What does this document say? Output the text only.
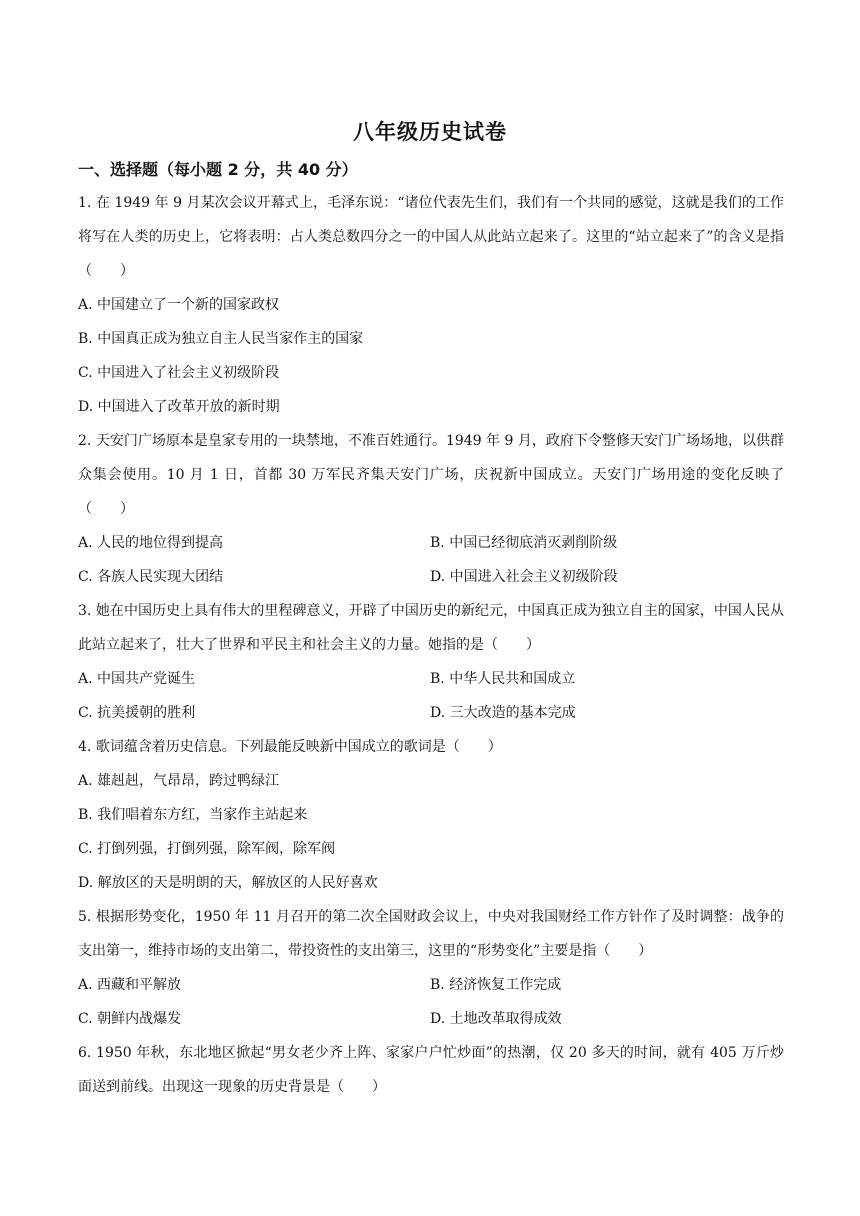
八年级历史试卷
一、选择题（每小题 2 分，共 40 分）
1. 在 1949 年 9 月某次会议开幕式上，毛泽东说：“诸位代表先生们，我们有一个共同的感觉，这就是我们的工作将写在人类的历史上，它将表明：占人类总数四分之一的中国人从此站立起来了。这里的“站立起来了”的含义是指（　　）
A. 中国建立了一个新的国家政权
B. 中国真正成为独立自主人民当家作主的国家
C. 中国进入了社会主义初级阶段
D. 中国进入了改革开放的新时期
2. 天安门广场原本是皇家专用的一块禁地，不准百姓通行。1949 年 9 月，政府下令整修天安门广场场地，以供群众集会使用。10 月 1 日，首都 30 万军民齐集天安门广场，庆祝新中国成立。天安门广场用途的变化反映了（　　）
A. 人民的地位得到提高	B. 中国已经彻底消灭剥削阶级
C. 各族人民实现大团结	D. 中国进入社会主义初级阶段
3. 她在中国历史上具有伟大的里程碑意义，开辟了中国历史的新纪元，中国真正成为独立自主的国家，中国人民从此站立起来了，壮大了世界和平民主和社会主义的力量。她指的是（　　）
A. 中国共产党诞生	B. 中华人民共和国成立
C. 抗美援朝的胜利	D. 三大改造的基本完成
4. 歌词蕴含着历史信息。下列最能反映新中国成立的歌词是（　　）
A. 雄赳赳，气昂昂，跨过鸭绿江
B. 我们唱着东方红，当家作主站起来
C. 打倒列强，打倒列强，除军阀，除军阀
D. 解放区的天是明朗的天，解放区的人民好喜欢
5. 根据形势变化，1950 年 11 月召开的第二次全国财政会议上，中央对我国财经工作方针作了及时调整：战争的支出第一，维持市场的支出第二，带投资性的支出第三，这里的“形势变化”主要是指（　　）
A. 西藏和平解放	B. 经济恢复工作完成
C. 朝鲜内战爆发	D. 土地改革取得成效
6. 1950 年秋，东北地区掀起“男女老少齐上阵、家家户户忙炒面”的热潮，仅 20 多天的时间，就有 405 万斤炒面送到前线。出现这一现象的历史背景是（　　）
